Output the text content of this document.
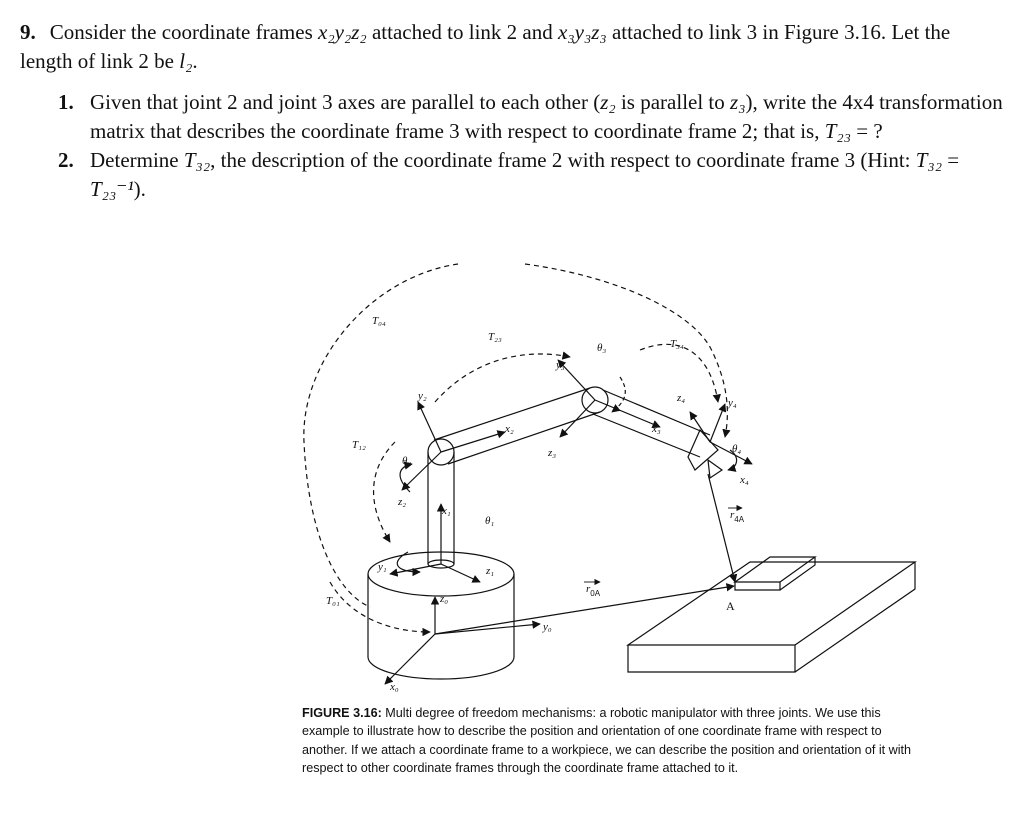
9. Consider the coordinate frames x₂y₂z₂ attached to link 2 and x₃y₃z₃ attached to link 3 in Figure 3.16. Let the length of link 2 be l₂.

1. Given that joint 2 and joint 3 axes are parallel to each other (z₂ is parallel to z₃), write the 4x4 transformation matrix that describes the coordinate frame 3 with respect to coordinate frame 2; that is, T₂₃ = ?
2. Determine T₃₂, the description of the coordinate frame 2 with respect to coordinate frame 3 (Hint: T₃₂ = T₂₃⁻¹).
T₀₄
T₂₃
T₃₄
T₁₂
T₀₁
θ₁
θ₂
θ₃
θ₄
x₀
y₀
z₀
x₁
y₁	z₁
x₂
y₂
z₂
x₃
y₃
z₃
x₄
y₄
z₄
$r_{0A}$
$r_{4A}$
A
FIGURE 3.16: Multi degree of freedom mechanisms: a robotic manipulator with three joints. We use this example to illustrate how to describe the position and orientation of one coordinate frame with respect to another. If we attach a coordinate frame to a workpiece, we can describe the position and orientation of it with respect to other coordinate frames through the coordinate frame attached to it.
